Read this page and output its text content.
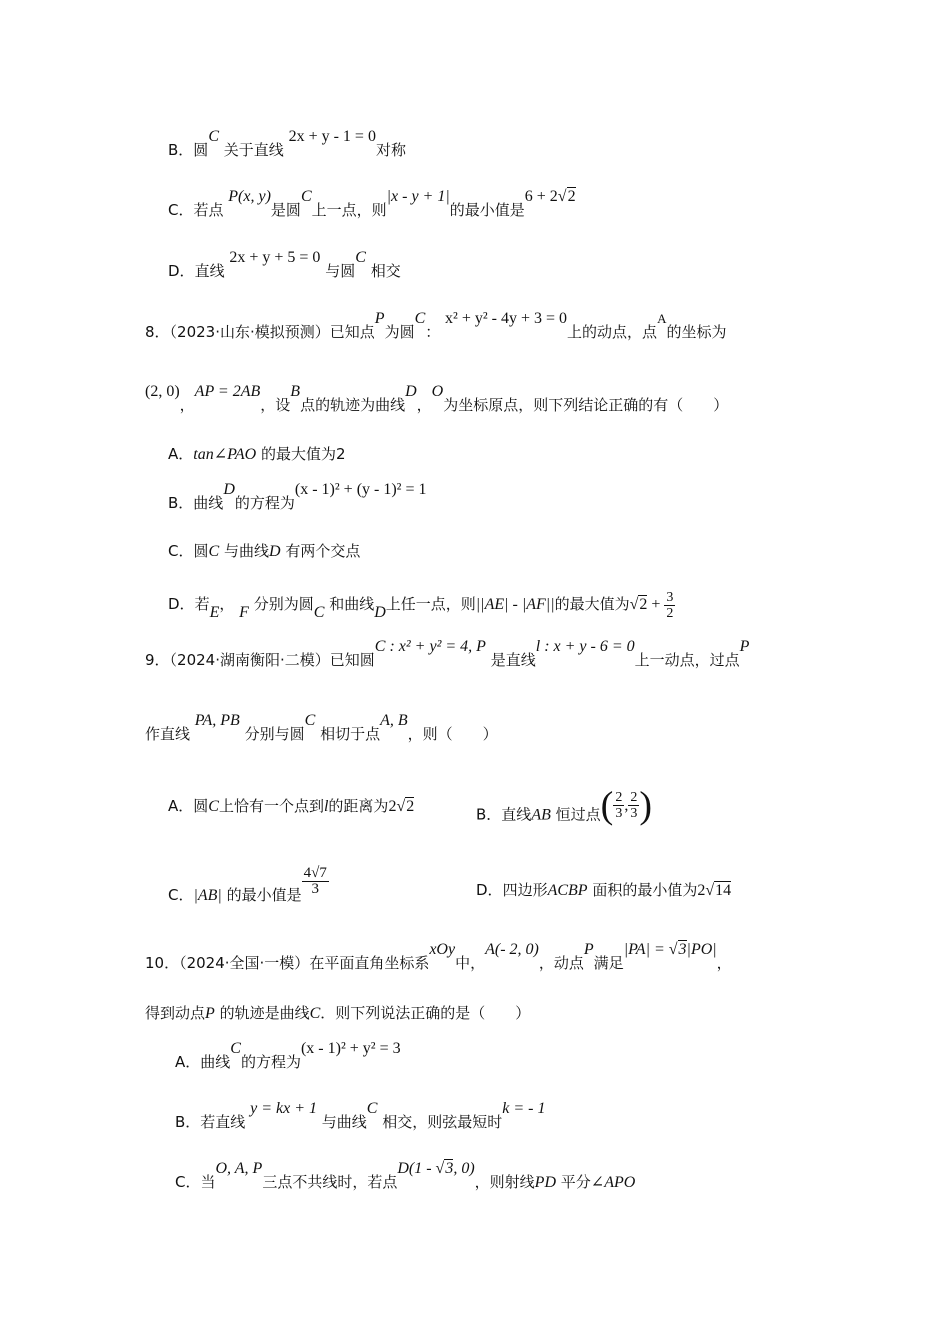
B．圆C 关于直线 2x + y - 1 = 0对称
C．若点 P(x, y)是圆C上一点，则|x - y + 1|的最小值是6 + 2√2
D．直线 2x + y + 5 = 0 与圆C 相交
8．（2023·山东·模拟预测）已知点P为圆C： x² + y² - 4y + 3 = 0上的动点，点A的坐标为
(2, 0)，AP = 2AB，设B点的轨迹为曲线D，O为坐标原点，则下列结论正确的有（　　）
A．tan∠PAO 的最大值为2
B．曲线D的方程为(x - 1)² + (y - 1)² = 1
C．圆C 与曲线D 有两个交点
D．若E， F 分别为圆C 和曲线D上任一点，则||AE| - |AF||的最大值为$√2 + \frac{3}{2}$
9．（2024·湖南衡阳·二模）已知圆C : x² + y² = 4, P 是直线l : x + y - 6 = 0上一动点，过点P
作直线 PA, PB 分别与圆C 相切于点A, B，则（　　）
A．圆C上恰有一个点到l的距离为2√2	B．直线AB 恒过点( $\frac{2}{3}$ , $\frac{2}{3}$ )
C．|AB| 的最小值是 $\frac{4√7}{3}$	D．四边形ACBP 面积的最小值为2√14
10．（2024·全国·一模）在平面直角坐标系xOy中，A(- 2, 0)，动点P满足|PA| = √3|PO|，
得到动点P 的轨迹是曲线C．则下列说法正确的是（　　）
A．曲线C的方程为(x - 1)² + y² = 3
B．若直线 y = kx + 1 与曲线C 相交，则弦最短时k = - 1
C．当O, A, P三点不共线时，若点D(1 - √3, 0)，则射线PD 平分∠APO
